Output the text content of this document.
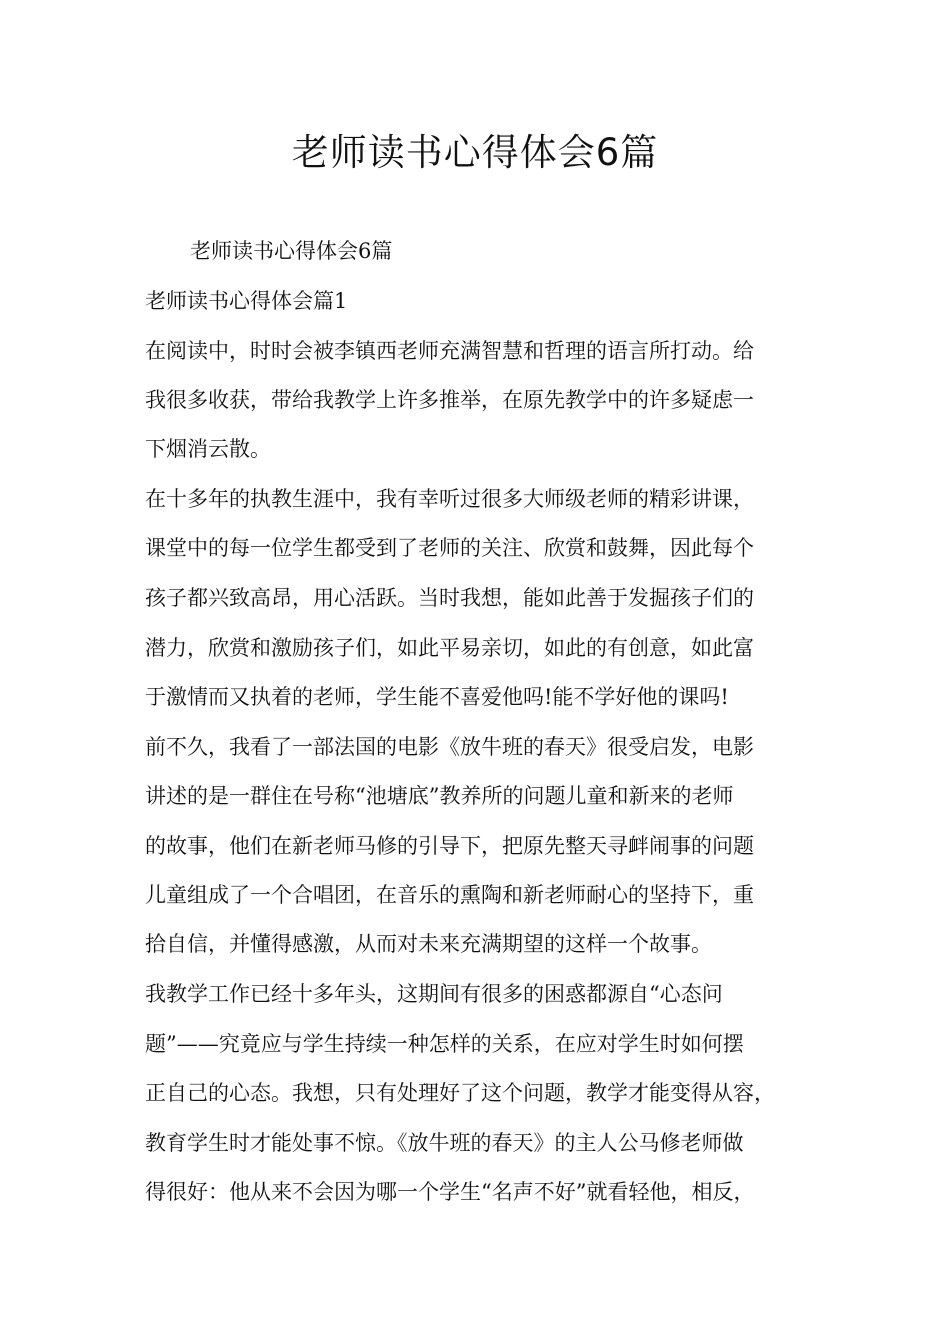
老师读书心得体会6篇

老师读书心得体会6篇

老师读书心得体会篇1

在阅读中，时时会被李镇西老师充满智慧和哲理的语言所打动。给

我很多收获，带给我教学上许多推举，在原先教学中的许多疑虑一

下烟消云散。

在十多年的执教生涯中，我有幸听过很多大师级老师的精彩讲课，

课堂中的每一位学生都受到了老师的关注、欣赏和鼓舞，因此每个

孩子都兴致高昂，用心活跃。当时我想，能如此善于发掘孩子们的

潜力，欣赏和激励孩子们，如此平易亲切，如此的有创意，如此富

于激情而又执着的老师，学生能不喜爱他吗!能不学好他的课吗!

前不久，我看了一部法国的电影《放牛班的春天》很受启发，电影

讲述的是一群住在号称“池塘底”教养所的问题儿童和新来的老师

的故事，他们在新老师马修的引导下，把原先整天寻衅闹事的问题

儿童组成了一个合唱团，在音乐的熏陶和新老师耐心的坚持下，重

拾自信，并懂得感激，从而对未来充满期望的这样一个故事。

我教学工作已经十多年头，这期间有很多的困惑都源自“心态问

题”——究竟应与学生持续一种怎样的关系，在应对学生时如何摆

正自己的心态。我想，只有处理好了这个问题，教学才能变得从容，

教育学生时才能处事不惊。《放牛班的春天》的主人公马修老师做

得很好：他从来不会因为哪一个学生“名声不好”就看轻他，相反，
